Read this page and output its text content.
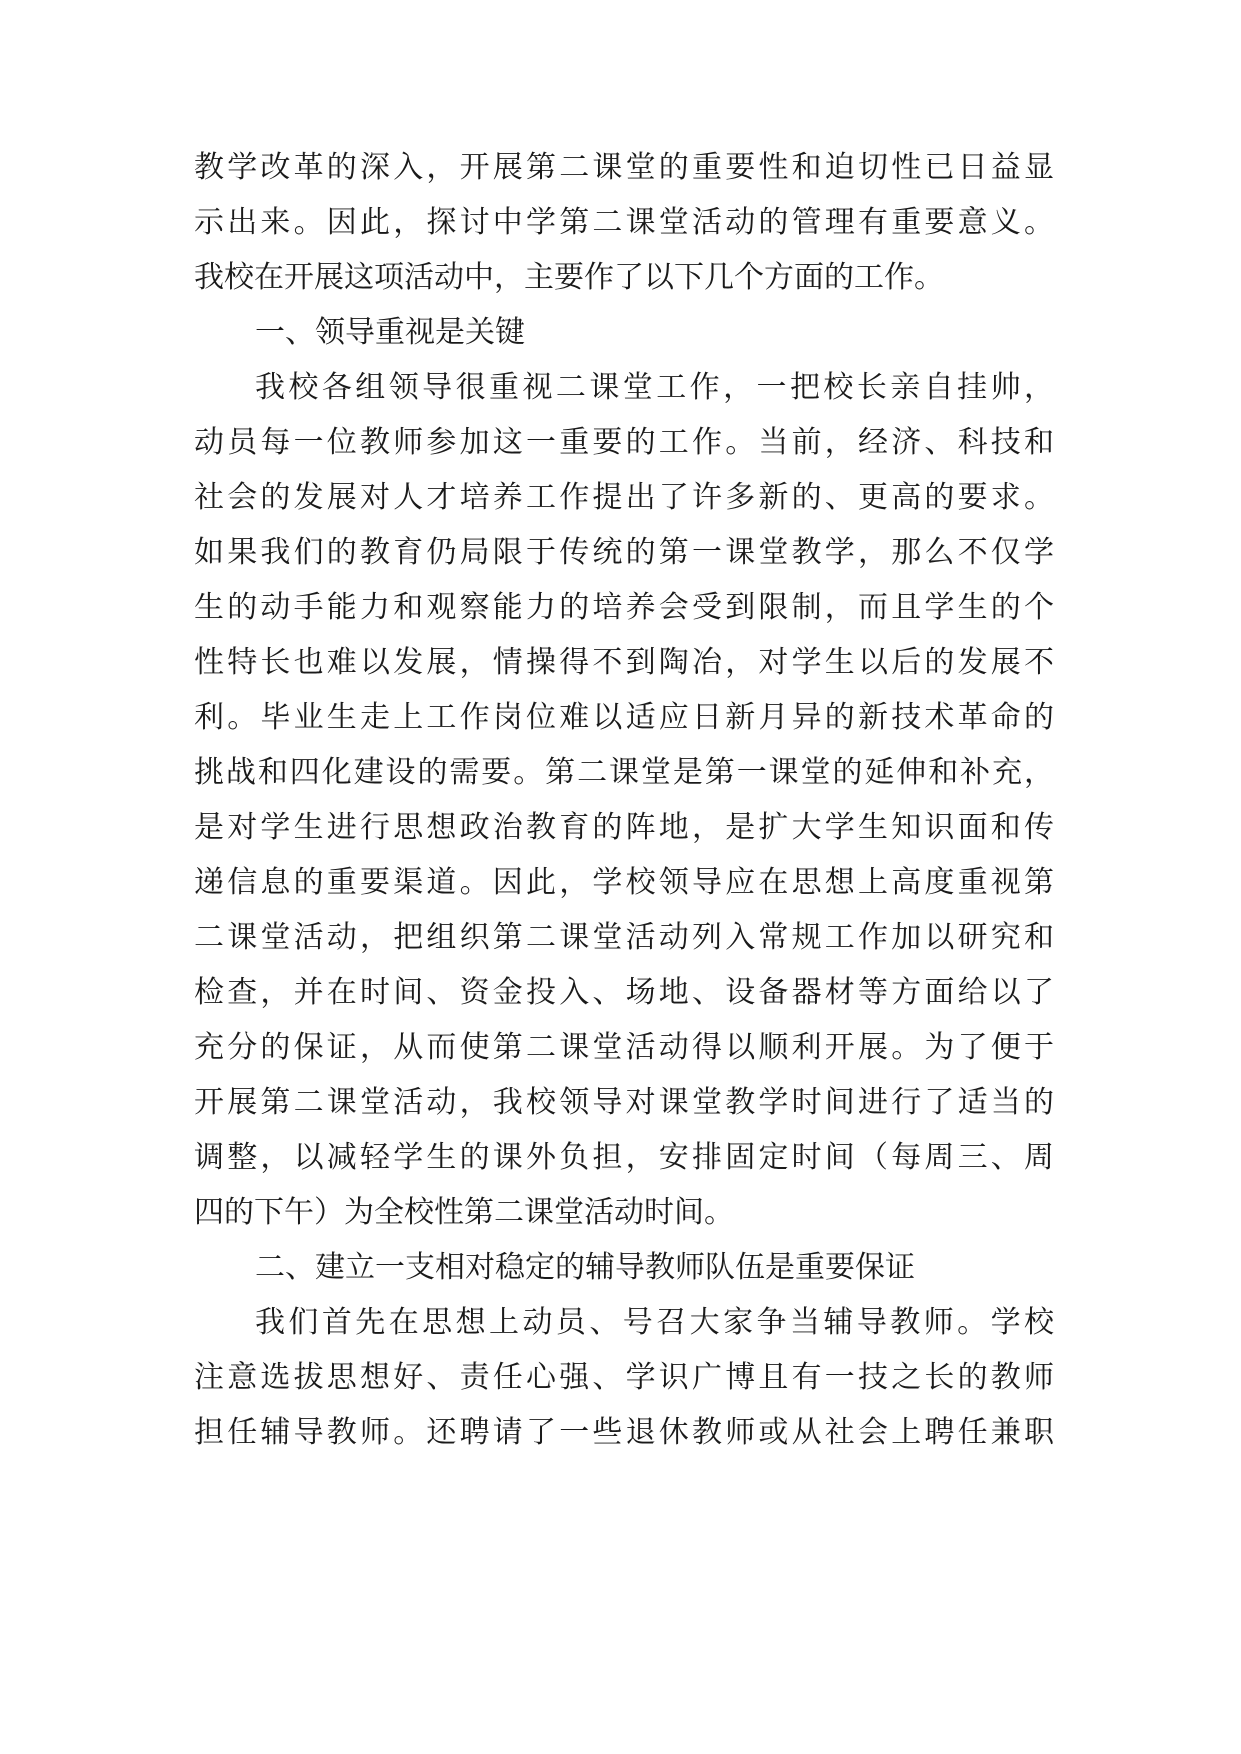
教学改革的深入，开展第二课堂的重要性和迫切性已日益显
示出来。因此，探讨中学第二课堂活动的管理有重要意义。
我校在开展这项活动中，主要作了以下几个方面的工作。
一、领导重视是关键
我校各组领导很重视二课堂工作，一把校长亲自挂帅，
动员每一位教师参加这一重要的工作。当前，经济、科技和
社会的发展对人才培养工作提出了许多新的、更高的要求。
如果我们的教育仍局限于传统的第一课堂教学，那么不仅学
生的动手能力和观察能力的培养会受到限制，而且学生的个
性特长也难以发展，情操得不到陶冶，对学生以后的发展不
利。毕业生走上工作岗位难以适应日新月异的新技术革命的
挑战和四化建设的需要。第二课堂是第一课堂的延伸和补充，
是对学生进行思想政治教育的阵地，是扩大学生知识面和传
递信息的重要渠道。因此，学校领导应在思想上高度重视第
二课堂活动，把组织第二课堂活动列入常规工作加以研究和
检查，并在时间、资金投入、场地、设备器材等方面给以了
充分的保证，从而使第二课堂活动得以顺利开展。为了便于
开展第二课堂活动，我校领导对课堂教学时间进行了适当的
调整，以减轻学生的课外负担，安排固定时间（每周三、周
四的下午）为全校性第二课堂活动时间。
二、建立一支相对稳定的辅导教师队伍是重要保证
我们首先在思想上动员、号召大家争当辅导教师。学校
注意选拔思想好、责任心强、学识广博且有一技之长的教师
担任辅导教师。还聘请了一些退休教师或从社会上聘任兼职
